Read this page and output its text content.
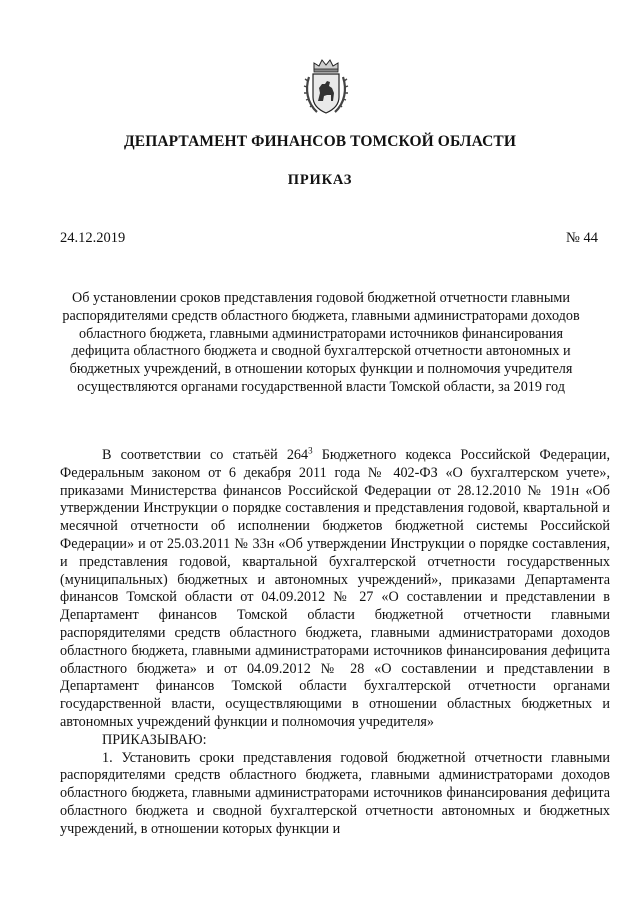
ДЕПАРТАМЕНТ ФИНАНСОВ ТОМСКОЙ ОБЛАСТИ
ПРИКАЗ
24.12.2019	№ 44
Об установлении сроков представления годовой бюджетной отчетности главными распорядителями средств областного бюджета, главными администраторами доходов областного бюджета, главными администраторами источников финансирования дефицита областного бюджета и сводной бухгалтерской отчетности автономных и бюджетных учреждений, в отношении которых функции и полномочия учредителя осуществляются органами государственной власти Томской области, за 2019 год

В соответствии со статьёй $264^3$ Бюджетного кодекса Российской Федерации, Федеральным законом от 6 декабря 2011 года № 402-ФЗ «О бухгалтерском учете», приказами Министерства финансов Российской Федерации от 28.12.2010 № 191н «Об утверждении Инструкции о порядке составления и представления годовой, квартальной и месячной отчетности об исполнении бюджетов бюджетной системы Российской Федерации» и от 25.03.2011 № 33н «Об утверждении Инструкции о порядке составления, и представления годовой, квартальной бухгалтерской отчетности государственных (муниципальных) бюджетных и автономных учреждений», приказами Департамента финансов Томской области от 04.09.2012 № 27 «О составлении и представлении в Департамент финансов Томской области бюджетной отчетности главными распорядителями средств областного бюджета, главными администраторами доходов областного бюджета, главными администраторами источников финансирования дефицита областного бюджета» и от 04.09.2012 № 28 «О составлении и представлении в Департамент финансов Томской области бухгалтерской отчетности органами государственной власти, осуществляющими в отношении областных бюджетных и автономных учреждений функции и полномочия учредителя»

ПРИКАЗЫВАЮ:

1. Установить сроки представления годовой бюджетной отчетности главными распорядителями средств областного бюджета, главными администраторами доходов областного бюджета, главными администраторами источников финансирования дефицита областного бюджета и сводной бухгалтерской отчетности автономных и бюджетных учреждений, в отношении которых функции и
